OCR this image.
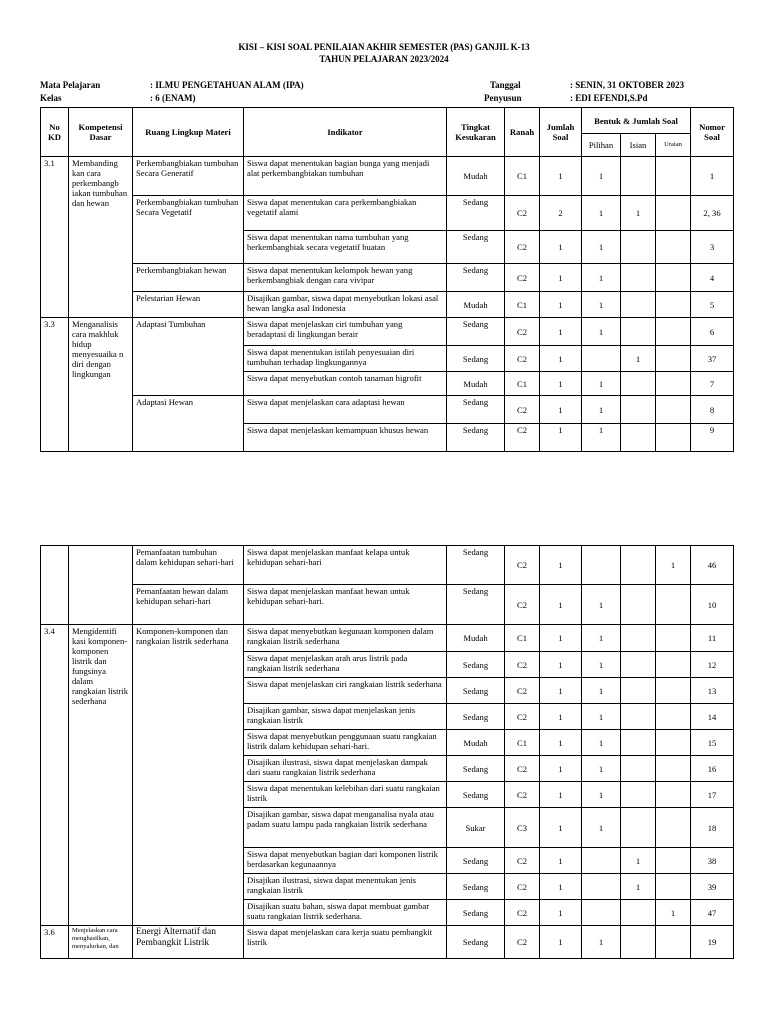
KISI – KISI SOAL PENILAIAN AKHIR SEMESTER (PAS) GANJIL K-13
TAHUN PELAJARAN 2023/2024
Mata Pelajaran	: ILMU PENGETAHUAN ALAM (IPA)
Kelas	: 6 (ENAM)
Tanggal	: SENIN, 31 OKTOBER 2023
Penyusun	: EDI EFENDI,S.Pd
No KD	Kompetensi Dasar	Ruang Lingkup Materi	Indikator	Tingkat Kesukaran	Ranah	Jumlah Soal	Bentuk & Jumlah Soal			Nomor Soal
							Pilihan	Isian	Uraian	
3.1	Membanding kan cara perkembangb iakan tumbuhan dan hewan	Perkembangbiakan tumbuhan Secara Generatif	Siswa dapat menentukan bagian bunga yang menjadi alat perkembangbiakan tumbuhan	Mudah	C1	1	1			1
		Perkembangbiakan tumbuhan Secara Vegetatif	Siswa dapat menentukan cara perkembangbiakan vegetatif alami	Sedang	C2	2	1	1		2, 36
			Siswa dapat menentukan nama tumbuhan yang berkembangbiak secara vegetatif buatan	Sedang	C2	1	1			3
		Perkembangbiakan hewan	Siswa dapat menentukan kelompok hewan yang berkembangbiak dengan cara vivipar	Sedang	C2	1	1			4
		Pelestarian Hewan	Disajikan gambar, siswa dapat menyebutkan lokasi asal hewan langka asal Indonesia	Mudah	C1	1	1			5
3.3	Menganalisis cara makhluk hidup menyesuaika n diri dengan lingkungan	Adaptasi Tumbuhan	Siswa dapat menjelaskan ciri tumbuhan yang beradaptasi di lingkungan berair	Sedang	C2	1	1			6
			Siswa dapat menentukan istilah penyesuaian diri tumbuhan terhadap lingkungannya	Sedang	C2	1		1		37
			Siswa dapat menyebutkan contoh tanaman higrofit	Mudah	C1	1	1			7
		Adaptasi Hewan	Siswa dapat menjelaskan cara adaptasi hewan	Sedang	C2	1	1			8
			Siswa dapat menjelaskan kemampuan khusus hewan	Sedang	C2	1	1			9
		Pemanfaatan tumbuhan dalam kehidupan sehari-hari	Siswa dapat menjelaskan manfaat kelapa untuk kehidupan sehari-hari	Sedang	C2	1			1	46
		Pemanfaatan hewan dalam kehidupan sehari-hari	Siswa dapat menjelaskan manfaat hewan untuk kehidupan sehari-hari.	Sedang	C2	1	1			10
3.4	Mengidentifi kasi komponen-komponen listrik dan fungsinya dalam rangkaian listrik sederhana	Komponen-komponen dan rangkaian listrik sederhana	Siswa dapat menyebutkan kegunaan komponen dalam rangkaian listrik sederhana	Mudah	C1	1	1			11
			Siswa dapat menjelaskan arah arus listrik pada rangkaian listrik sederhana	Sedang	C2	1	1			12
			Siswa dapat menjelaskan ciri rangkaian listrik sederhana	Sedang	C2	1	1			13
			Disajikan gambar, siswa dapat menjelaskan jenis rangkaian listrik	Sedang	C2	1	1			14
			Siswa dapat menyebutkan penggunaan suatu rangkaian listrik dalam kehidupan sehari-hari.	Mudah	C1	1	1			15
			Disajikan ilustrasi, siswa dapat menjelaskan dampak dari suatu rangkaian listrik sederhana	Sedang	C2	1	1			16
			Siswa dapat menentukan kelebihan dari suatu rangkaian listrik	Sedang	C2	1	1			17
			Disajikan gambar, siswa dapat menganalisa nyala atau padam suatu lampu pada rangkaian listrik sederhana	Sukar	C3	1	1			18
			Siswa dapat menyebutkan bagian dari komponen listrik berdasarkan kegunaannya	Sedang	C2	1		1		38
			Disajikan ilustrasi, siswa dapat menentukan jenis rangkaian listrik	Sedang	C2	1		1		39
			Disajikan suatu bahan, siswa dapat membuat gambar suatu rangkaian listrik sederhana.	Sedang	C2	1			1	47
3.6	Menjelaskan cara menghasilkan, menyalurkan, dan	Energi Alternatif dan Pembangkit Listrik	Siswa dapat menjelaskan cara kerja suatu pembangkit listrik	Sedang	C2	1	1			19
